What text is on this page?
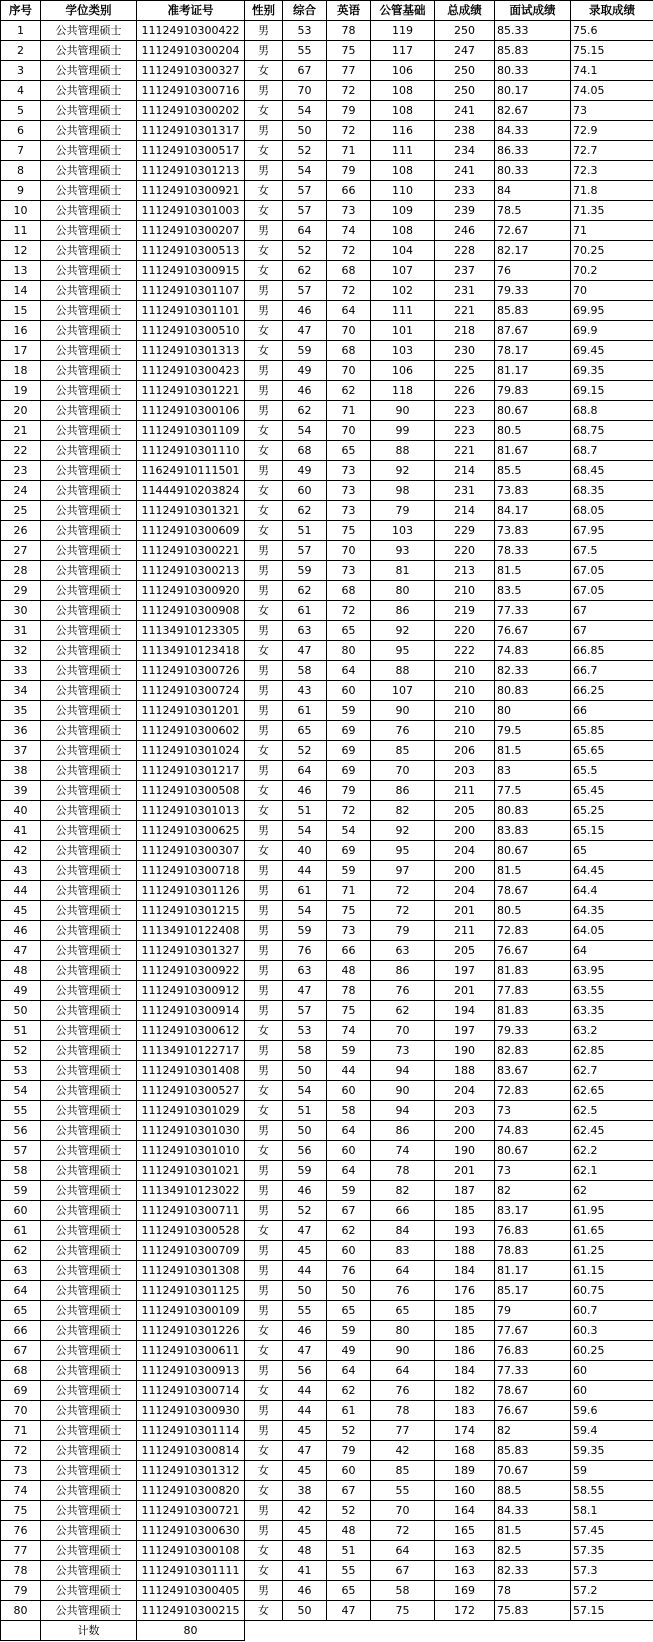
序号	学位类别	准考证号	性别	综合	英语	公管基础	总成绩	面试成绩	录取成绩
1	公共管理硕士	11124910300422	男	53	78	119	250	85.33	75.6
2	公共管理硕士	11124910300204	男	55	75	117	247	85.83	75.15
3	公共管理硕士	11124910300327	女	67	77	106	250	80.33	74.1
4	公共管理硕士	11124910300716	男	70	72	108	250	80.17	74.05
5	公共管理硕士	11124910300202	女	54	79	108	241	82.67	73
6	公共管理硕士	11124910301317	男	50	72	116	238	84.33	72.9
7	公共管理硕士	11124910300517	女	52	71	111	234	86.33	72.7
8	公共管理硕士	11124910301213	男	54	79	108	241	80.33	72.3
9	公共管理硕士	11124910300921	女	57	66	110	233	84	71.8
10	公共管理硕士	11124910301003	女	57	73	109	239	78.5	71.35
11	公共管理硕士	11124910300207	男	64	74	108	246	72.67	71
12	公共管理硕士	11124910300513	女	52	72	104	228	82.17	70.25
13	公共管理硕士	11124910300915	女	62	68	107	237	76	70.2
14	公共管理硕士	11124910301107	男	57	72	102	231	79.33	70
15	公共管理硕士	11124910301101	男	46	64	111	221	85.83	69.95
16	公共管理硕士	11124910300510	女	47	70	101	218	87.67	69.9
17	公共管理硕士	11124910301313	女	59	68	103	230	78.17	69.45
18	公共管理硕士	11124910300423	男	49	70	106	225	81.17	69.35
19	公共管理硕士	11124910301221	男	46	62	118	226	79.83	69.15
20	公共管理硕士	11124910300106	男	62	71	90	223	80.67	68.8
21	公共管理硕士	11124910301109	女	54	70	99	223	80.5	68.75
22	公共管理硕士	11124910301110	女	68	65	88	221	81.67	68.7
23	公共管理硕士	11624910111501	男	49	73	92	214	85.5	68.45
24	公共管理硕士	11444910203824	女	60	73	98	231	73.83	68.35
25	公共管理硕士	11124910301321	女	62	73	79	214	84.17	68.05
26	公共管理硕士	11124910300609	女	51	75	103	229	73.83	67.95
27	公共管理硕士	11124910300221	男	57	70	93	220	78.33	67.5
28	公共管理硕士	11124910300213	男	59	73	81	213	81.5	67.05
29	公共管理硕士	11124910300920	男	62	68	80	210	83.5	67.05
30	公共管理硕士	11124910300908	女	61	72	86	219	77.33	67
31	公共管理硕士	11134910123305	男	63	65	92	220	76.67	67
32	公共管理硕士	11134910123418	女	47	80	95	222	74.83	66.85
33	公共管理硕士	11124910300726	男	58	64	88	210	82.33	66.7
34	公共管理硕士	11124910300724	男	43	60	107	210	80.83	66.25
35	公共管理硕士	11124910301201	男	61	59	90	210	80	66
36	公共管理硕士	11124910300602	男	65	69	76	210	79.5	65.85
37	公共管理硕士	11124910301024	女	52	69	85	206	81.5	65.65
38	公共管理硕士	11124910301217	男	64	69	70	203	83	65.5
39	公共管理硕士	11124910300508	女	46	79	86	211	77.5	65.45
40	公共管理硕士	11124910301013	女	51	72	82	205	80.83	65.25
41	公共管理硕士	11124910300625	男	54	54	92	200	83.83	65.15
42	公共管理硕士	11124910300307	女	40	69	95	204	80.67	65
43	公共管理硕士	11124910300718	男	44	59	97	200	81.5	64.45
44	公共管理硕士	11124910301126	男	61	71	72	204	78.67	64.4
45	公共管理硕士	11124910301215	男	54	75	72	201	80.5	64.35
46	公共管理硕士	11134910122408	男	59	73	79	211	72.83	64.05
47	公共管理硕士	11124910301327	男	76	66	63	205	76.67	64
48	公共管理硕士	11124910300922	男	63	48	86	197	81.83	63.95
49	公共管理硕士	11124910300912	男	47	78	76	201	77.83	63.55
50	公共管理硕士	11124910300914	男	57	75	62	194	81.83	63.35
51	公共管理硕士	11124910300612	女	53	74	70	197	79.33	63.2
52	公共管理硕士	11134910122717	男	58	59	73	190	82.83	62.85
53	公共管理硕士	11124910301408	男	50	44	94	188	83.67	62.7
54	公共管理硕士	11124910300527	女	54	60	90	204	72.83	62.65
55	公共管理硕士	11124910301029	女	51	58	94	203	73	62.5
56	公共管理硕士	11124910301030	男	50	64	86	200	74.83	62.45
57	公共管理硕士	11124910301010	女	56	60	74	190	80.67	62.2
58	公共管理硕士	11124910301021	男	59	64	78	201	73	62.1
59	公共管理硕士	11134910123022	男	46	59	82	187	82	62
60	公共管理硕士	11124910300711	男	52	67	66	185	83.17	61.95
61	公共管理硕士	11124910300528	女	47	62	84	193	76.83	61.65
62	公共管理硕士	11124910300709	男	45	60	83	188	78.83	61.25
63	公共管理硕士	11124910301308	男	44	76	64	184	81.17	61.15
64	公共管理硕士	11124910301125	男	50	50	76	176	85.17	60.75
65	公共管理硕士	11124910300109	男	55	65	65	185	79	60.7
66	公共管理硕士	11124910301226	女	46	59	80	185	77.67	60.3
67	公共管理硕士	11124910300611	女	47	49	90	186	76.83	60.25
68	公共管理硕士	11124910300913	男	56	64	64	184	77.33	60
69	公共管理硕士	11124910300714	女	44	62	76	182	78.67	60
70	公共管理硕士	11124910300930	男	44	61	78	183	76.67	59.6
71	公共管理硕士	11124910301114	男	45	52	77	174	82	59.4
72	公共管理硕士	11124910300814	女	47	79	42	168	85.83	59.35
73	公共管理硕士	11124910301312	女	45	60	85	189	70.67	59
74	公共管理硕士	11124910300820	女	38	67	55	160	88.5	58.55
75	公共管理硕士	11124910300721	男	42	52	70	164	84.33	58.1
76	公共管理硕士	11124910300630	男	45	48	72	165	81.5	57.45
77	公共管理硕士	11124910300108	女	48	51	64	163	82.5	57.35
78	公共管理硕士	11124910301111	女	41	55	67	163	82.33	57.3
79	公共管理硕士	11124910300405	男	46	65	58	169	78	57.2
80	公共管理硕士	11124910300215	女	50	47	75	172	75.83	57.15
	计数	80							
